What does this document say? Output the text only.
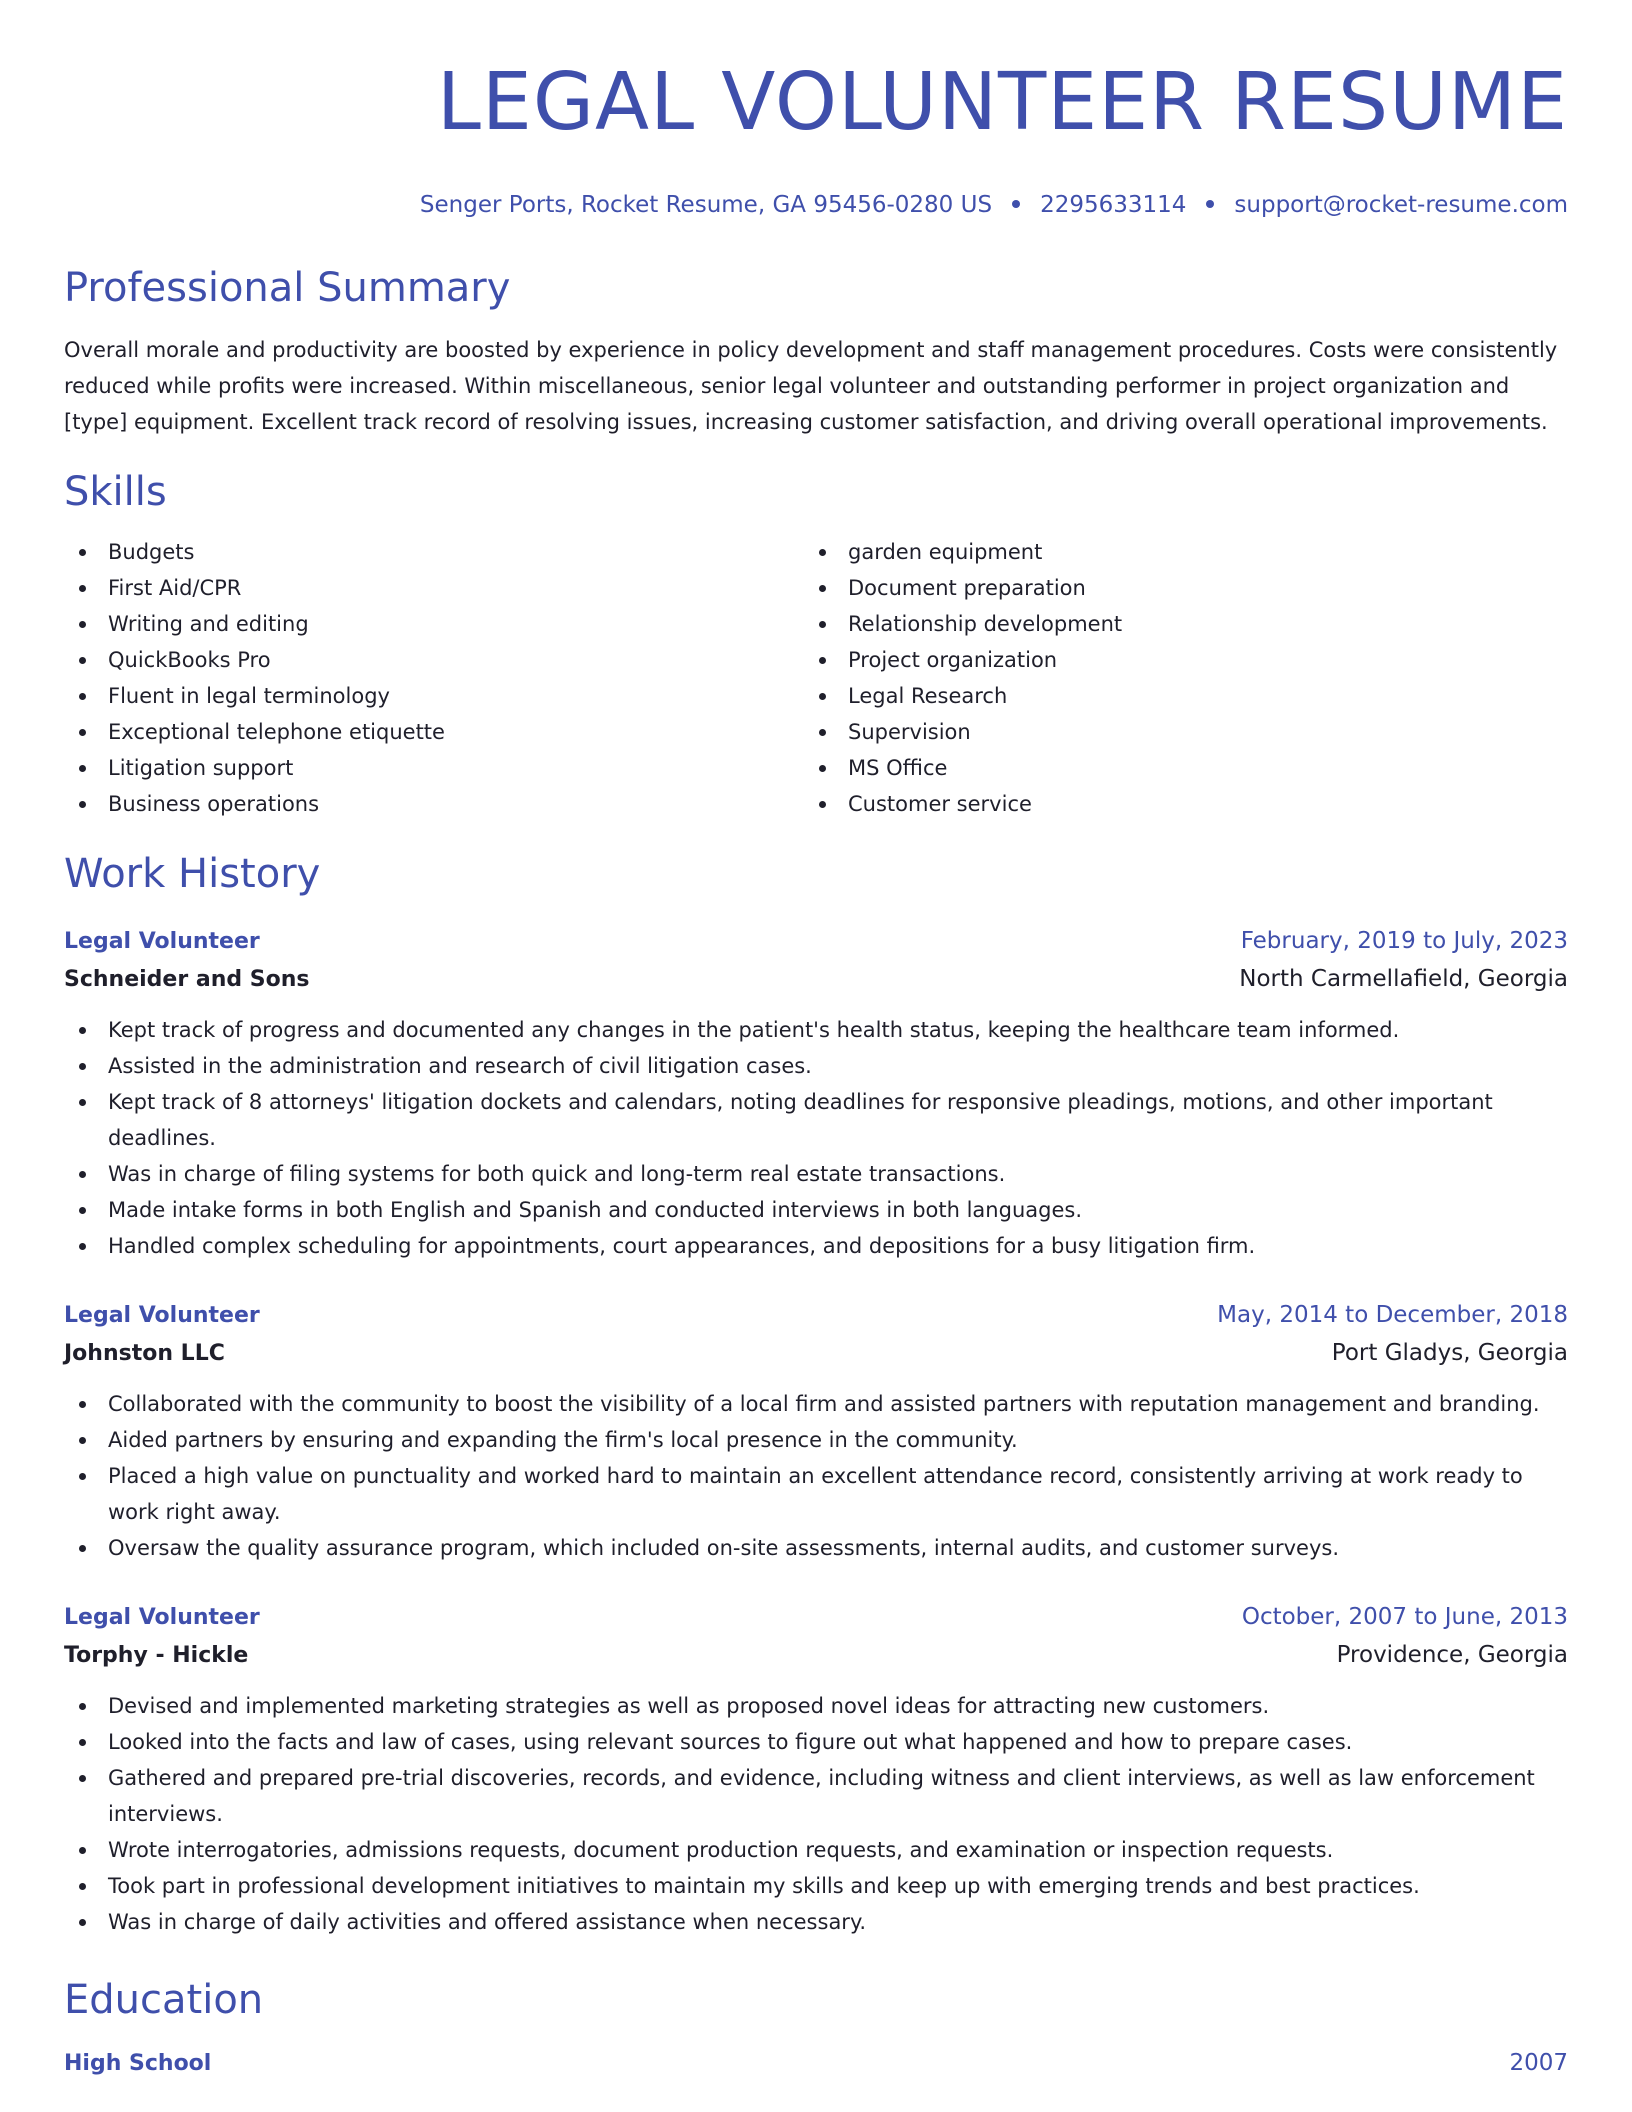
LEGAL VOLUNTEER RESUME
Senger Ports, Rocket Resume, GA 95456-0280 US 2295633114 support@rocket-resume.com
Professional Summary

Overall morale and productivity are boosted by experience in policy development and staff management procedures. Costs were consistently reduced while profits were increased. Within miscellaneous, senior legal volunteer and outstanding performer in project organization and [type] equipment. Excellent track record of resolving issues, increasing customer satisfaction, and driving overall operational improvements.

Skills
Budgets
First Aid/CPR
Writing and editing
QuickBooks Pro
Fluent in legal terminology
Exceptional telephone etiquette
Litigation support
Business operations
garden equipment
Document preparation
Relationship development
Project organization
Legal Research
Supervision
MS Office
Customer service
Work History
Legal Volunteer	February, 2019 to July, 2023
Schneider and Sons	North Carmellafield, Georgia
Kept track of progress and documented any changes in the patient's health status, keeping the healthcare team informed.
Assisted in the administration and research of civil litigation cases.
Kept track of 8 attorneys' litigation dockets and calendars, noting deadlines for responsive pleadings, motions, and other important deadlines.
Was in charge of filing systems for both quick and long-term real estate transactions.
Made intake forms in both English and Spanish and conducted interviews in both languages.
Handled complex scheduling for appointments, court appearances, and depositions for a busy litigation firm.
Legal Volunteer	May, 2014 to December, 2018
Johnston LLC	Port Gladys, Georgia
Collaborated with the community to boost the visibility of a local firm and assisted partners with reputation management and branding.
Aided partners by ensuring and expanding the firm's local presence in the community.
Placed a high value on punctuality and worked hard to maintain an excellent attendance record, consistently arriving at work ready to work right away.
Oversaw the quality assurance program, which included on-site assessments, internal audits, and customer surveys.
Legal Volunteer	October, 2007 to June, 2013
Torphy - Hickle	Providence, Georgia
Devised and implemented marketing strategies as well as proposed novel ideas for attracting new customers.
Looked into the facts and law of cases, using relevant sources to figure out what happened and how to prepare cases.
Gathered and prepared pre-trial discoveries, records, and evidence, including witness and client interviews, as well as law enforcement interviews.
Wrote interrogatories, admissions requests, document production requests, and examination or inspection requests.
Took part in professional development initiatives to maintain my skills and keep up with emerging trends and best practices.
Was in charge of daily activities and offered assistance when necessary.
Education
High School	2007
